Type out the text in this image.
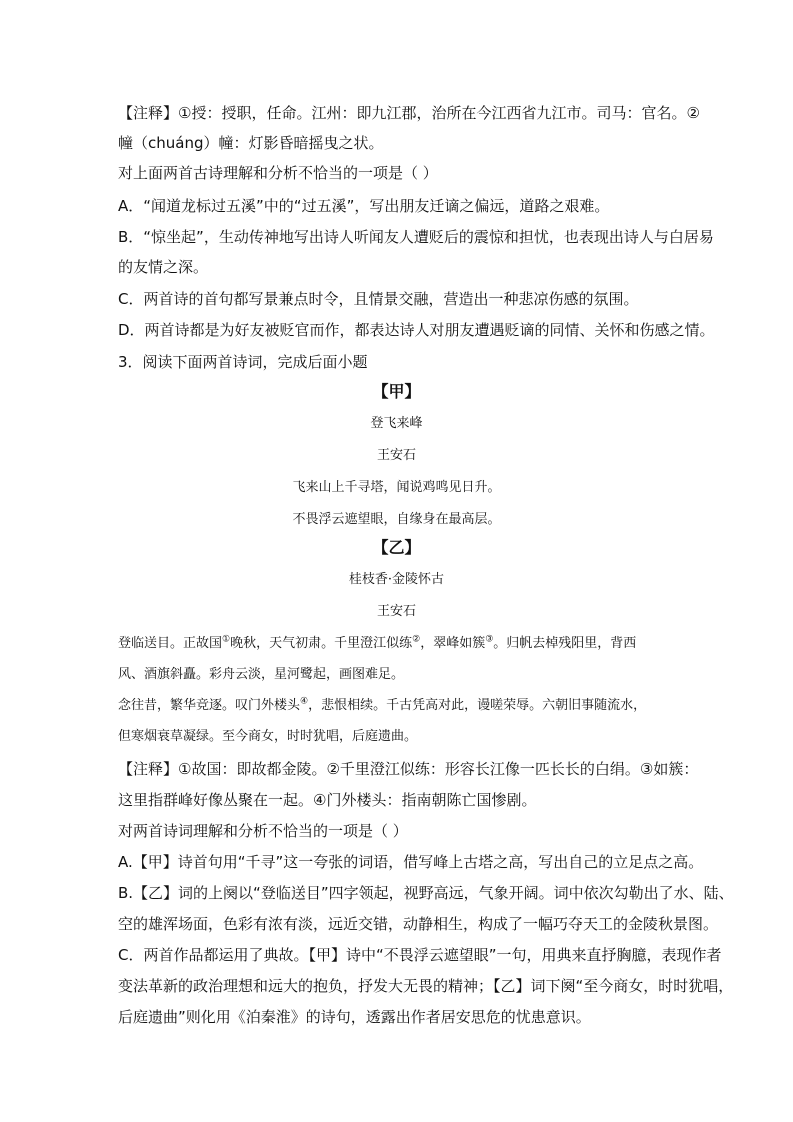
【注释】①授：授职，任命。江州：即九江郡，治所在今江西省九江市。司马：官名。②
幢（chuáng）幢：灯影昏暗摇曳之状。
对上面两首古诗理解和分析不恰当的一项是（ ）
A．“闻道龙标过五溪”中的“过五溪”，写出朋友迁谪之偏远，道路之艰难。
B．“惊坐起”，生动传神地写出诗人听闻友人遭贬后的震惊和担忧，也表现出诗人与白居易
的友情之深。
C．两首诗的首句都写景兼点时令，且情景交融，营造出一种悲凉伤感的氛围。
D．两首诗都是为好友被贬官而作，都表达诗人对朋友遭遇贬谪的同情、关怀和伤感之情。
3．阅读下面两首诗词，完成后面小题
【甲】
登飞来峰
王安石
飞来山上千寻塔，闻说鸡鸣见日升。
不畏浮云遮望眼，自缘身在最高层。
【乙】
桂枝香·金陵怀古
王安石
登临送目。正故国①晚秋，天气初肃。千里澄江似练②，翠峰如簇③。归帆去棹残阳里，背西
风、酒旗斜矗。彩舟云淡，星河鹭起，画图难足。
念往昔，繁华竞逐。叹门外楼头④，悲恨相续。千古凭高对此，谩嗟荣辱。六朝旧事随流水，
但寒烟衰草凝绿。至今商女，时时犹唱，后庭遗曲。
【注释】①故国：即故都金陵。②千里澄江似练：形容长江像一匹长长的白绢。③如簇：
这里指群峰好像丛聚在一起。④门外楼头：指南朝陈亡国惨剧。
对两首诗词理解和分析不恰当的一项是（ ）
A.【甲】诗首句用“千寻”这一夸张的词语，借写峰上古塔之高，写出自己的立足点之高。
B.【乙】词的上阕以“登临送目”四字领起，视野高远，气象开阔。词中依次勾勒出了水、陆、
空的雄浑场面，色彩有浓有淡，远近交错，动静相生，构成了一幅巧夺天工的金陵秋景图。
C．两首作品都运用了典故。【甲】诗中“不畏浮云遮望眼”一句，用典来直抒胸臆，表现作者
变法革新的政治理想和远大的抱负，抒发大无畏的精神；【乙】词下阕“至今商女，时时犹唱，
后庭遗曲”则化用《泊秦淮》的诗句，透露出作者居安思危的忧患意识。
